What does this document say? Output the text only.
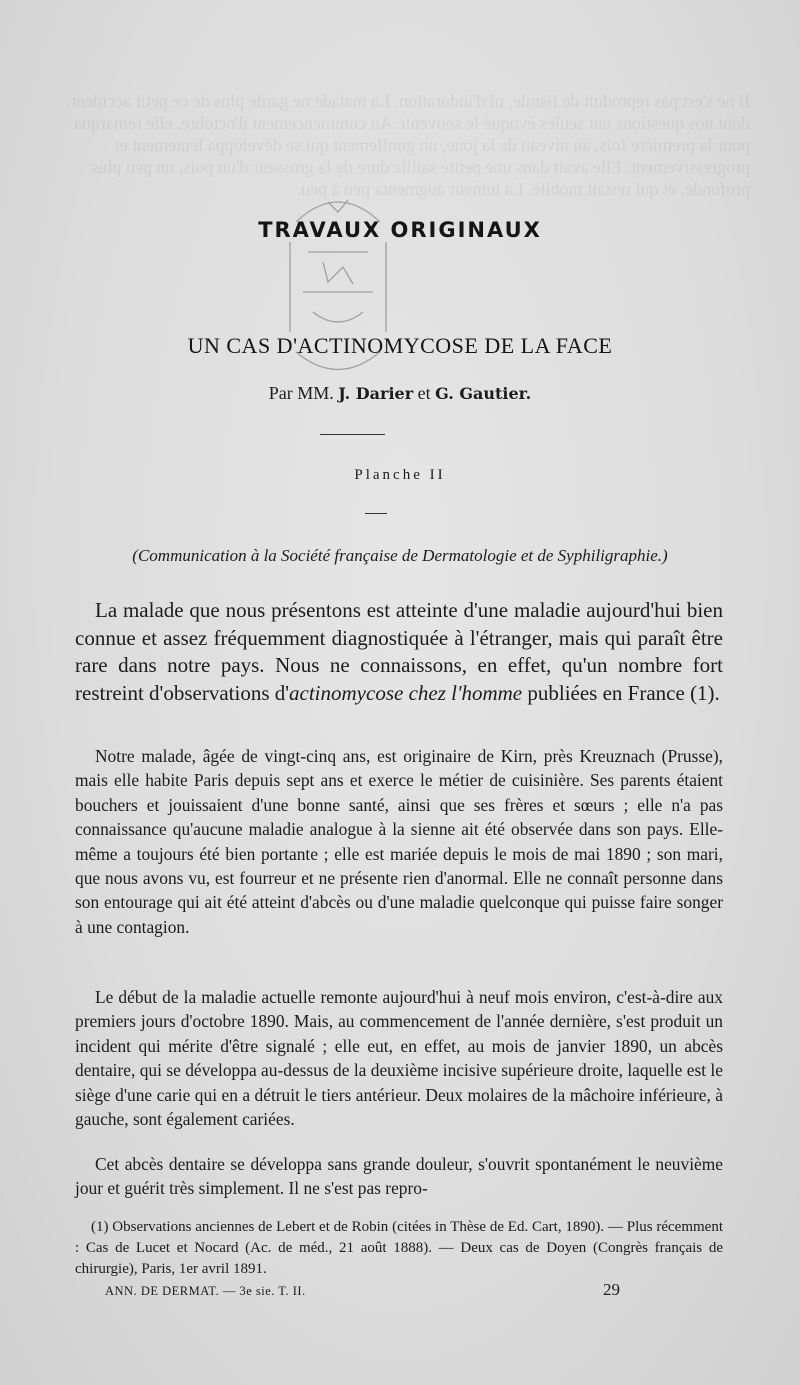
Il ne s'est pas reproduit de fistule, ni d'induration. La malade ne garde plus de ce petit accident, dont nos questions ont seules évoqué le souvenir. Au commencement d'octobre, elle remarqua pour la première fois, au niveau de la joue, un gonflement qui se développa lentement et progressivement. Elle avait dans une petite saillie dure de la grosseur d'un pois, un peu plus profonde, et qui restait mobile. La tumeur augmenta peu à peu.
TRAVAUX ORIGINAUX
UN CAS D'ACTINOMYCOSE DE LA FACE
Par MM. J. Darier et G. Gautier.
Planche II
(Communication à la Société française de Dermatologie et de Syphiligraphie.)

La malade que nous présentons est atteinte d'une maladie aujourd'hui bien connue et assez fréquemment diagnostiquée à l'étranger, mais qui paraît être rare dans notre pays. Nous ne connaissons, en effet, qu'un nombre fort restreint d'observations d'actinomycose chez l'homme publiées en France (1).

Notre malade, âgée de vingt-cinq ans, est originaire de Kirn, près Kreuznach (Prusse), mais elle habite Paris depuis sept ans et exerce le métier de cuisinière. Ses parents étaient bouchers et jouissaient d'une bonne santé, ainsi que ses frères et sœurs ; elle n'a pas connaissance qu'aucune maladie analogue à la sienne ait été observée dans son pays. Elle-même a toujours été bien portante ; elle est mariée depuis le mois de mai 1890 ; son mari, que nous avons vu, est fourreur et ne présente rien d'anormal. Elle ne connaît personne dans son entourage qui ait été atteint d'abcès ou d'une maladie quelconque qui puisse faire songer à une contagion.

Le début de la maladie actuelle remonte aujourd'hui à neuf mois environ, c'est-à-dire aux premiers jours d'octobre 1890. Mais, au commencement de l'année dernière, s'est produit un incident qui mérite d'être signalé ; elle eut, en effet, au mois de janvier 1890, un abcès dentaire, qui se développa au-dessus de la deuxième incisive supérieure droite, laquelle est le siège d'une carie qui en a détruit le tiers antérieur. Deux molaires de la mâchoire inférieure, à gauche, sont également cariées.

Cet abcès dentaire se développa sans grande douleur, s'ouvrit spontanément le neuvième jour et guérit très simplement. Il ne s'est pas repro-

(1) Observations anciennes de Lebert et de Robin (citées in Thèse de Ed. Cart, 1890). — Plus récemment : Cas de Lucet et Nocard (Ac. de méd., 21 août 1888). — Deux cas de Doyen (Congrès français de chirurgie), Paris, 1er avril 1891.

ANN. DE DERMAT. — 3e sie. T. II.	29
